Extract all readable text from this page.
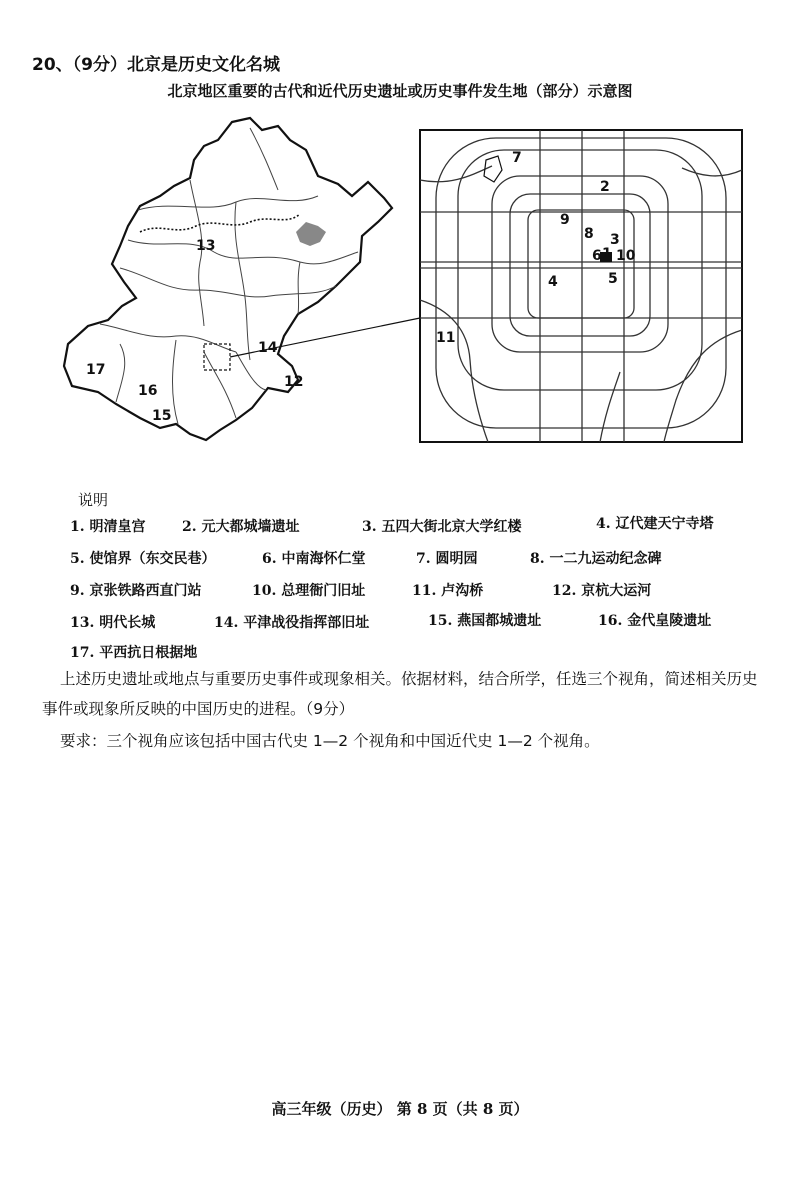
20、（9分）北京是历史文化名城
北京地区重要的古代和近代历史遗址或历史事件发生地（部分）示意图
13
14
12
17
16
15
7
2
9
8 3
6 1 10
5
4
11
说明
1. 明清皇宫	2. 元大都城墙遗址	3. 五四大街北京大学红楼	4. 辽代建天宁寺塔
5. 使馆界（东交民巷）	6. 中南海怀仁堂	7. 圆明园	8. 一二九运动纪念碑
9. 京张铁路西直门站	10. 总理衙门旧址	11. 卢沟桥	12. 京杭大运河
13. 明代长城	14. 平津战役指挥部旧址	15. 燕国都城遗址	16. 金代皇陵遗址
17. 平西抗日根据地
上述历史遗址或地点与重要历史事件或现象相关。依据材料，结合所学，任选三个视角，简述相关历史事件或现象所反映的中国历史的进程。（9分）
要求：三个视角应该包括中国古代史 1—2 个视角和中国近代史 1—2 个视角。
高三年级（历史） 第 8 页（共 8 页）
